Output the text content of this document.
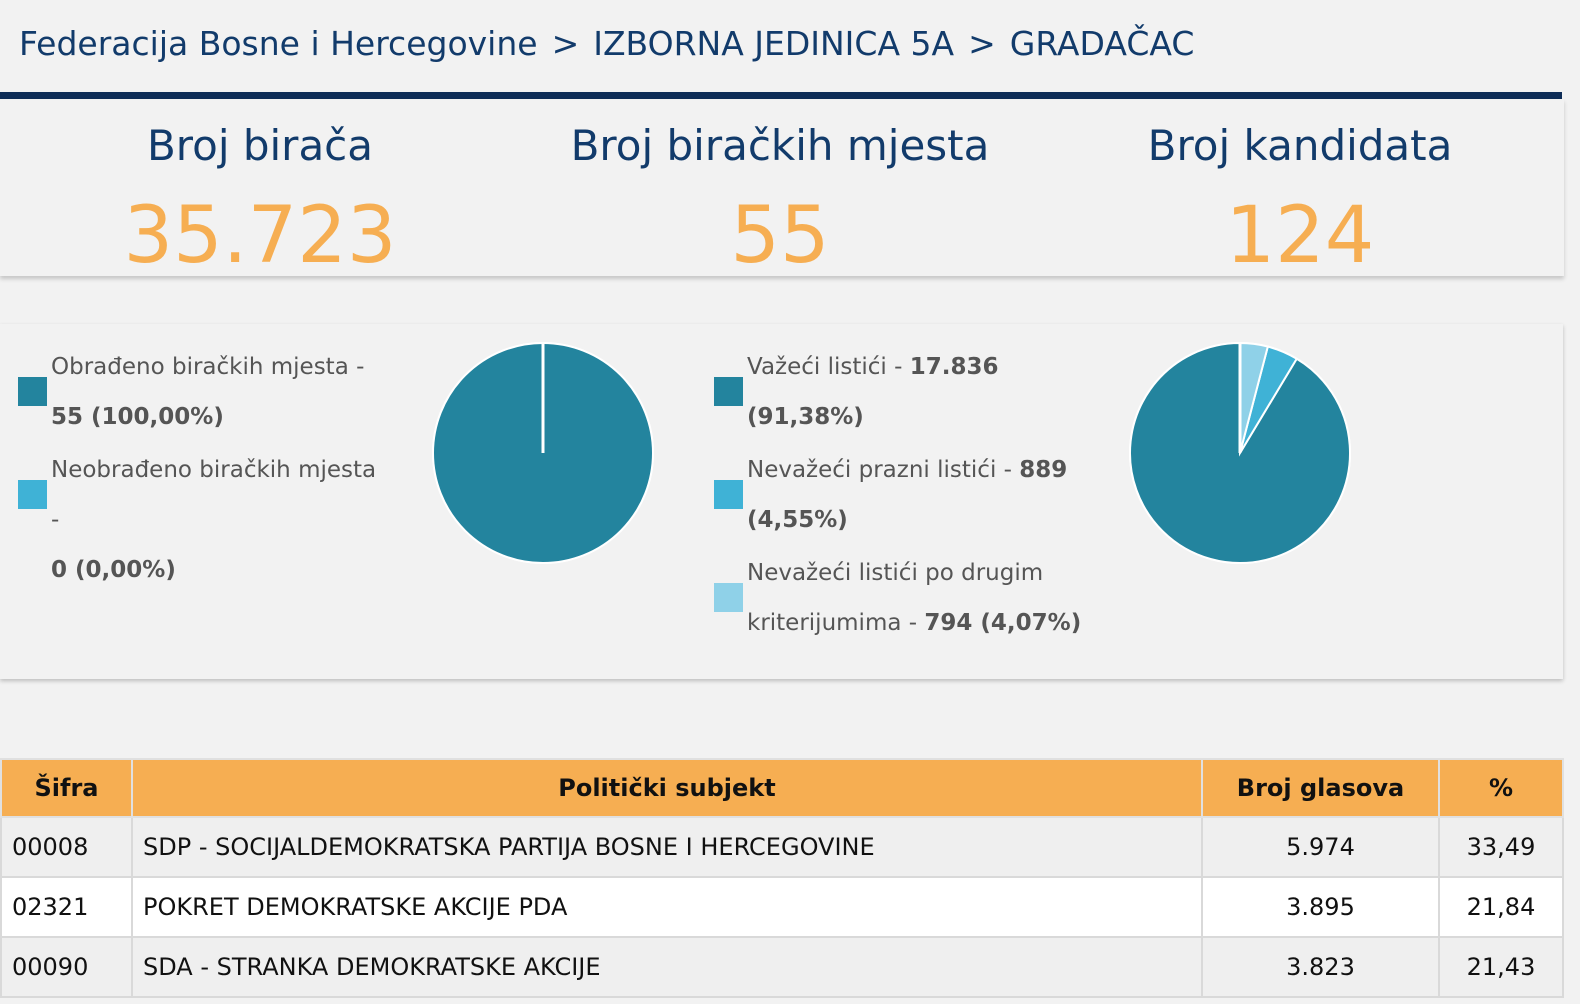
Federacija Bosne i Hercegovine > IZBORNA JEDINICA 5A > GRADAČAC
Broj birača
35.723
Broj biračkih mjesta
55
Broj kandidata
124
Obrađeno biračkih mjesta -
55 (100,00%)
Neobrađeno biračkih mjesta -
0 (0,00%)
Važeći listići - 17.836
(91,38%)
Nevažeći prazni listići - 889
(4,55%)
Nevažeći listići po drugim
kriterijumima - 794 (4,07%)
Šifra	Politički subjekt	Broj glasova	%
00008	SDP - SOCIJALDEMOKRATSKA PARTIJA BOSNE I HERCEGOVINE	5.974	33,49
02321	POKRET DEMOKRATSKE AKCIJE PDA	3.895	21,84
00090	SDA - STRANKA DEMOKRATSKE AKCIJE	3.823	21,43
